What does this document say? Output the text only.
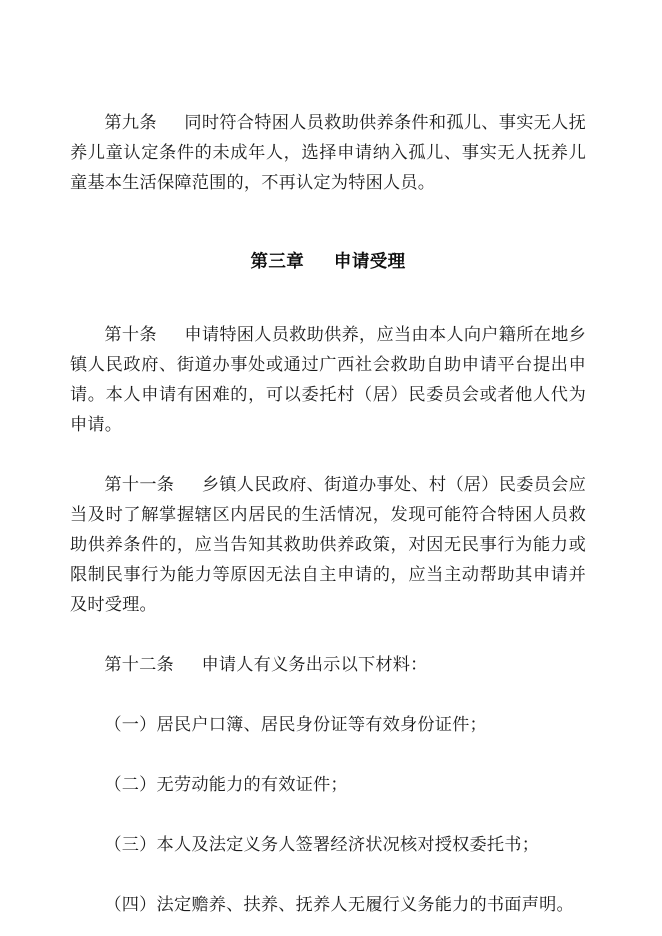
第九条 同时符合特困人员救助供养条件和孤儿、事实无人抚养儿童认定条件的未成年人，选择申请纳入孤儿、事实无人抚养儿童基本生活保障范围的，不再认定为特困人员。

第三章 申请受理

第十条 申请特困人员救助供养，应当由本人向户籍所在地乡镇人民政府、街道办事处或通过广西社会救助自助申请平台提出申请。本人申请有困难的，可以委托村（居）民委员会或者他人代为申请。

第十一条 乡镇人民政府、街道办事处、村（居）民委员会应当及时了解掌握辖区内居民的生活情况，发现可能符合特困人员救助供养条件的，应当告知其救助供养政策，对因无民事行为能力或限制民事行为能力等原因无法自主申请的，应当主动帮助其申请并及时受理。

第十二条 申请人有义务出示以下材料：

（一）居民户口簿、居民身份证等有效身份证件；

（二）无劳动能力的有效证件；

（三）本人及法定义务人签署经济状况核对授权委托书；

（四）法定赡养、扶养、抚养人无履行义务能力的书面声明。
